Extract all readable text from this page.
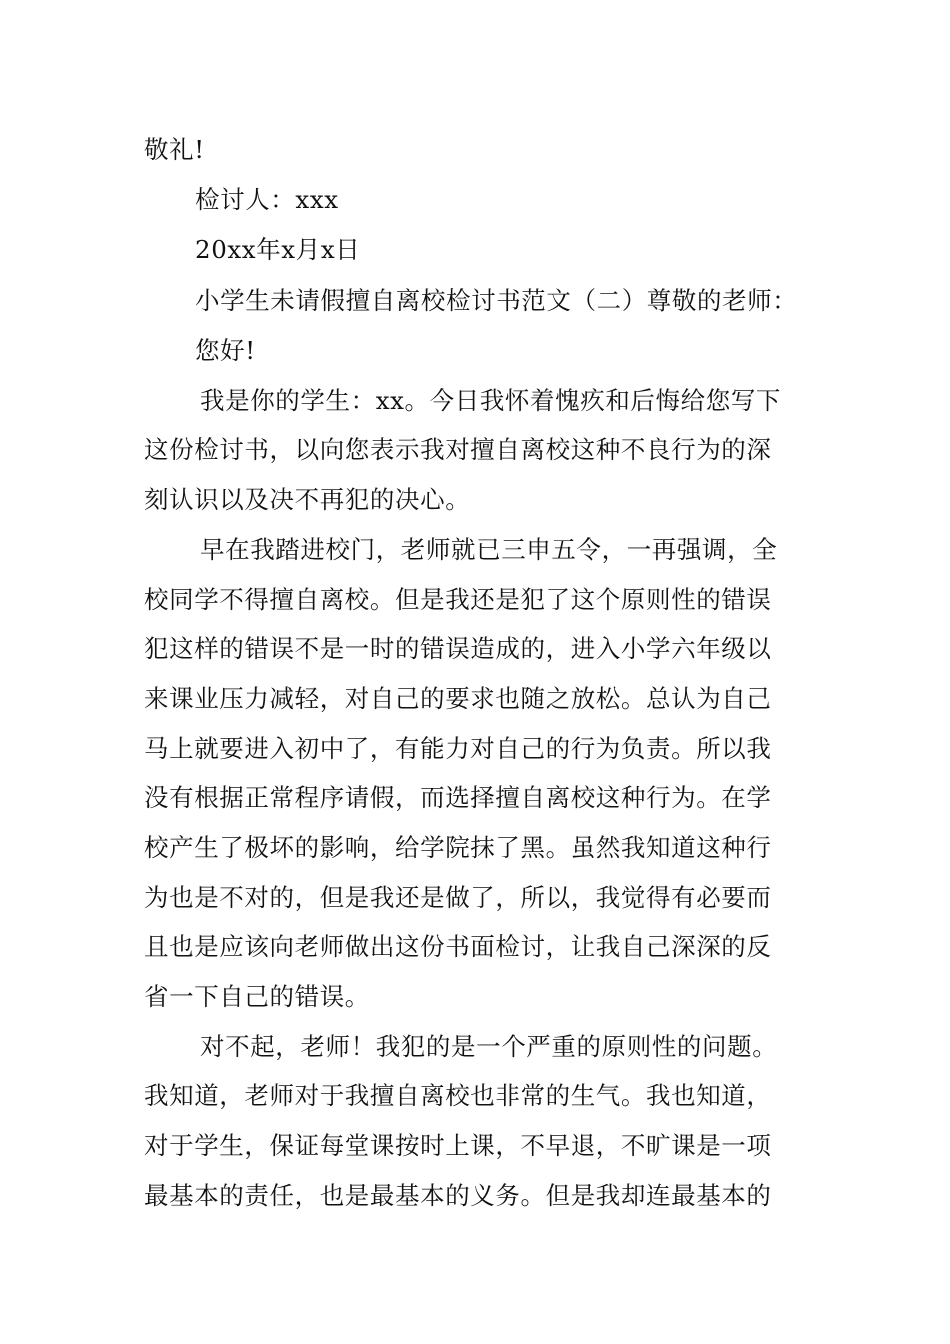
敬礼!
检讨人：xxx
20xx年x月x日
小学生未请假擅自离校检讨书范文（二）尊敬的老师：
您好!
我是你的学生：xx。今日我怀着愧疚和后悔给您写下
这份检讨书，以向您表示我对擅自离校这种不良行为的深
刻认识以及决不再犯的决心。
早在我踏进校门，老师就已三申五令，一再强调，全
校同学不得擅自离校。但是我还是犯了这个原则性的错误
犯这样的错误不是一时的错误造成的，进入小学六年级以
来课业压力减轻，对自己的要求也随之放松。总认为自己
马上就要进入初中了，有能力对自己的行为负责。所以我
没有根据正常程序请假，而选择擅自离校这种行为。在学
校产生了极坏的影响，给学院抹了黑。虽然我知道这种行
为也是不对的，但是我还是做了，所以，我觉得有必要而
且也是应该向老师做出这份书面检讨，让我自己深深的反
省一下自己的错误。
对不起，老师！我犯的是一个严重的原则性的问题。
我知道，老师对于我擅自离校也非常的生气。我也知道，
对于学生，保证每堂课按时上课，不早退，不旷课是一项
最基本的责任，也是最基本的义务。但是我却连最基本的
